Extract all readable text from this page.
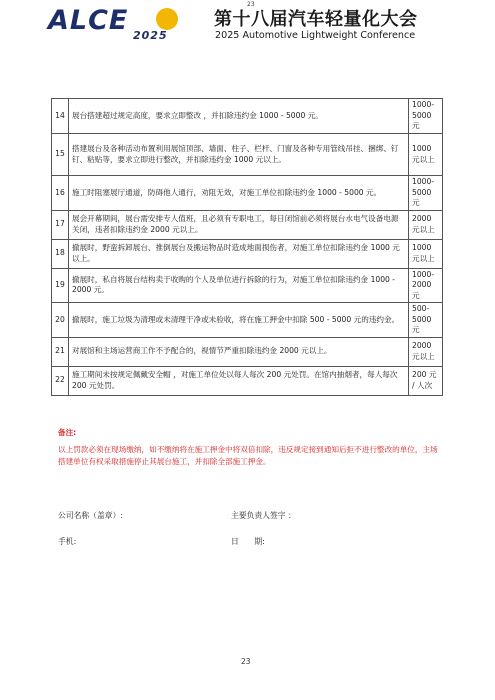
23
ALCE 2025
第十八届汽车轻量化大会
2025 Automotive Lightweight Conference
14	展台搭建超过规定高度，要求立即整改 ，并扣除违约金 1000 - 5000 元。	1000-5000 元
15	搭建展台及各种活动布置利用展馆顶部、墙面、柱子、栏杆、门窗及各种专用管线吊挂、捆绑、钉钉、粘贴等，要求立即进行整改，并扣除违约金 1000 元以上。	1000 元以上
16	施工时阻塞展厅通道，防碍他人通行，劝阻无效，对施工单位扣除违约金 1000 - 5000 元。	1000-5000 元
17	展会开幕期间，展台需安排专人值班，且必须有专职电工，每日闭馆前必须将展台水电气设备电源关闭，违者扣除违约金 2000 元以上。	2000 元以上
18	撤展时，野蛮拆卸展台、推倒展台及搬运物品时造成地面损伤者，对施工单位扣除违约金 1000 元以上。	1000 元以上
19	撤展时，私自将展台结构卖于收购的个人及单位进行拆除的行为，对施工单位扣除违约金 1000 - 2000 元。	1000-2000 元
20	撤展时，施工垃圾为清理或未清理干净或未验收，将在施工押金中扣除 500 - 5000 元的违约金。	500-5000 元
21	对展馆和主场运营商工作不予配合的，视情节严重扣除违约金 2000 元以上。	2000 元以上
22	施工期间未按规定佩戴安全帽 ，对施工单位处以每人每次 200 元处罚。在馆内抽烟者，每人每次 200 元处罚。	200 元 / 人次
备注:
以上罚款必须在现场缴纳，如不缴纳将在施工押金中将双倍扣除，违反规定接到通知后拒不进行整改的单位，主场搭建单位有权采取措施停止其展台施工，并扣除全部施工押金。
公司名称（盖章）:	主要负责人签字 ：
手机:	日　　期:
23
